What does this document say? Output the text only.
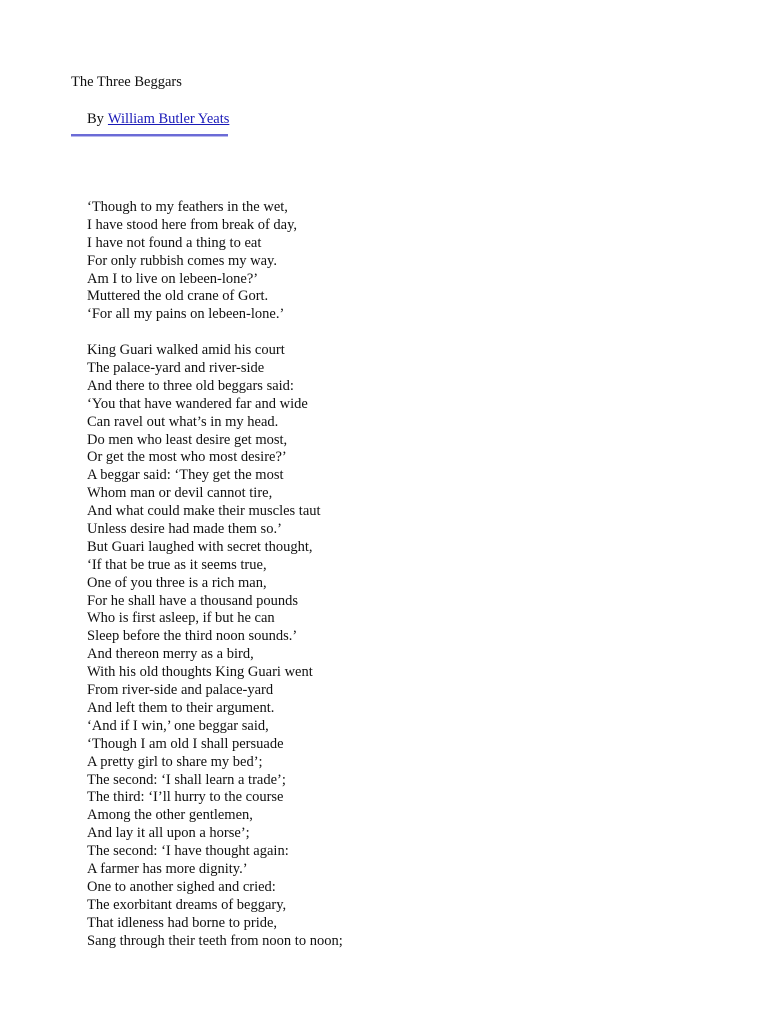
The Three Beggars
By William Butler Yeats
‘Though to my feathers in the wet,
I have stood here from break of day,
I have not found a thing to eat
For only rubbish comes my way.
Am I to live on lebeen-lone?’
Muttered the old crane of Gort.
‘For all my pains on lebeen-lone.’
King Guari walked amid his court
The palace-yard and river-side
And there to three old beggars said:
‘You that have wandered far and wide
Can ravel out what’s in my head.
Do men who least desire get most,
Or get the most who most desire?’
A beggar said: ‘They get the most
Whom man or devil cannot tire,
And what could make their muscles taut
Unless desire had made them so.’
But Guari laughed with secret thought,
‘If that be true as it seems true,
One of you three is a rich man,
For he shall have a thousand pounds
Who is first asleep, if but he can
Sleep before the third noon sounds.’
And thereon merry as a bird,
With his old thoughts King Guari went
From river-side and palace-yard
And left them to their argument.
‘And if I win,’ one beggar said,
‘Though I am old I shall persuade
A pretty girl to share my bed’;
The second: ‘I shall learn a trade’;
The third: ‘I’ll hurry to the course
Among the other gentlemen,
And lay it all upon a horse’;
The second: ‘I have thought again:
A farmer has more dignity.’
One to another sighed and cried:
The exorbitant dreams of beggary,
That idleness had borne to pride,
Sang through their teeth from noon to noon;
